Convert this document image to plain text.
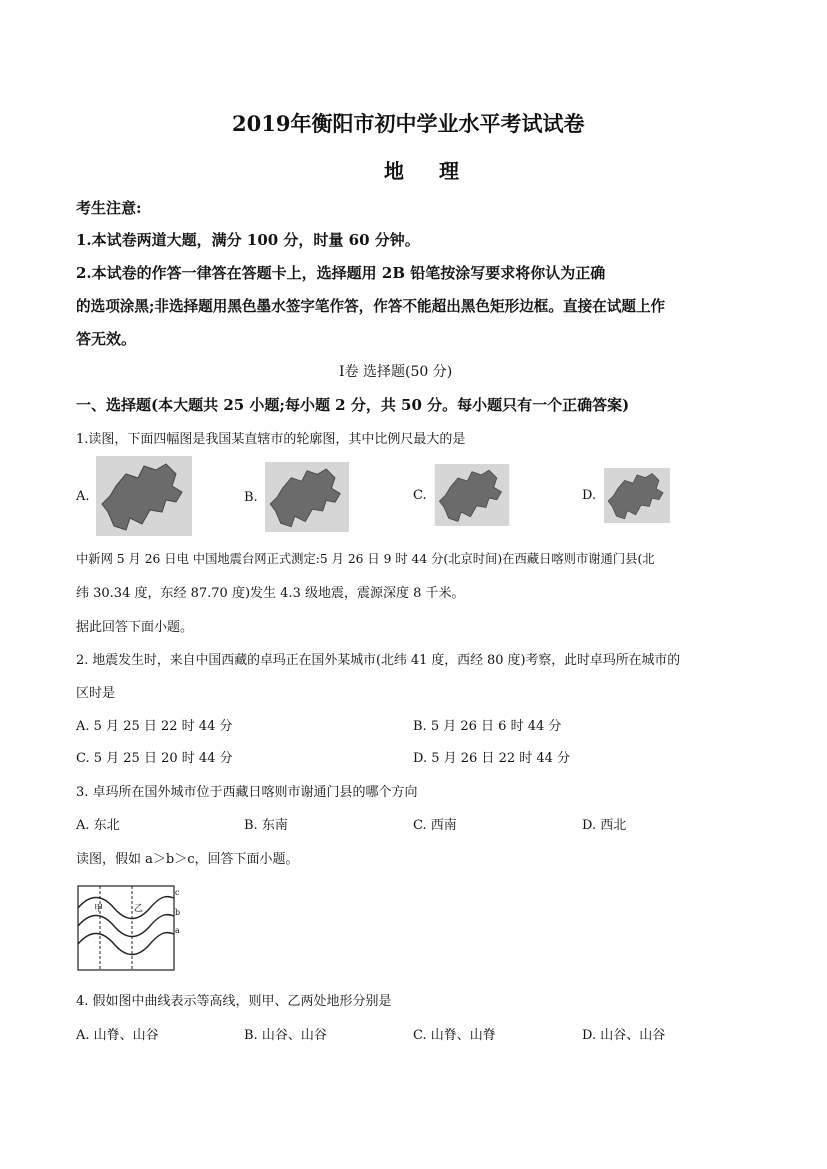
2019年衡阳市初中学业水平考试试卷
地 理
考生注意:
1.本试卷两道大题，满分 100 分，时量 60 分钟。
2.本试卷的作答一律答在答题卡上，选择题用 2B 铅笔按涂写要求将你认为正确
的选项涂黑;非选择题用黑色墨水签字笔作答，作答不能超出黑色矩形边框。直接在试题上作
答无效。
Ⅰ卷 选择题(50 分)
一、选择题(本大题共 25 小题;每小题 2 分，共 50 分。每小题只有一个正确答案)
1.读图，下面四幅图是我国某直辖市的轮廓图，其中比例尺最大的是
A.	B.	C.	D.
中新网 5 月 26 日电 中国地震台网正式测定:5 月 26 日 9 时 44 分(北京时间)在西藏日喀则市谢通门县(北
纬 30.34 度，东经 87.70 度)发生 4.3 级地震，震源深度 8 千米。
据此回答下面小题。
2. 地震发生时，来自中国西藏的卓玛正在国外某城市(北纬 41 度，西经 80 度)考察，此时卓玛所在城市的
区时是
A. 5 月 25 日 22 时 44 分	B. 5 月 26 日 6 时 44 分
C. 5 月 25 日 20 时 44 分	D. 5 月 26 日 22 时 44 分
3. 卓玛所在国外城市位于西藏日喀则市谢通门县的哪个方向
A. 东北	B. 东南	C. 西南	D. 西北
读图，假如 a＞b＞c，回答下面小题。
甲	乙
c
b
a
4. 假如图中曲线表示等高线，则甲、乙两处地形分别是
A. 山脊、山谷	B. 山谷、山谷	C. 山脊、山脊	D. 山谷、山谷
